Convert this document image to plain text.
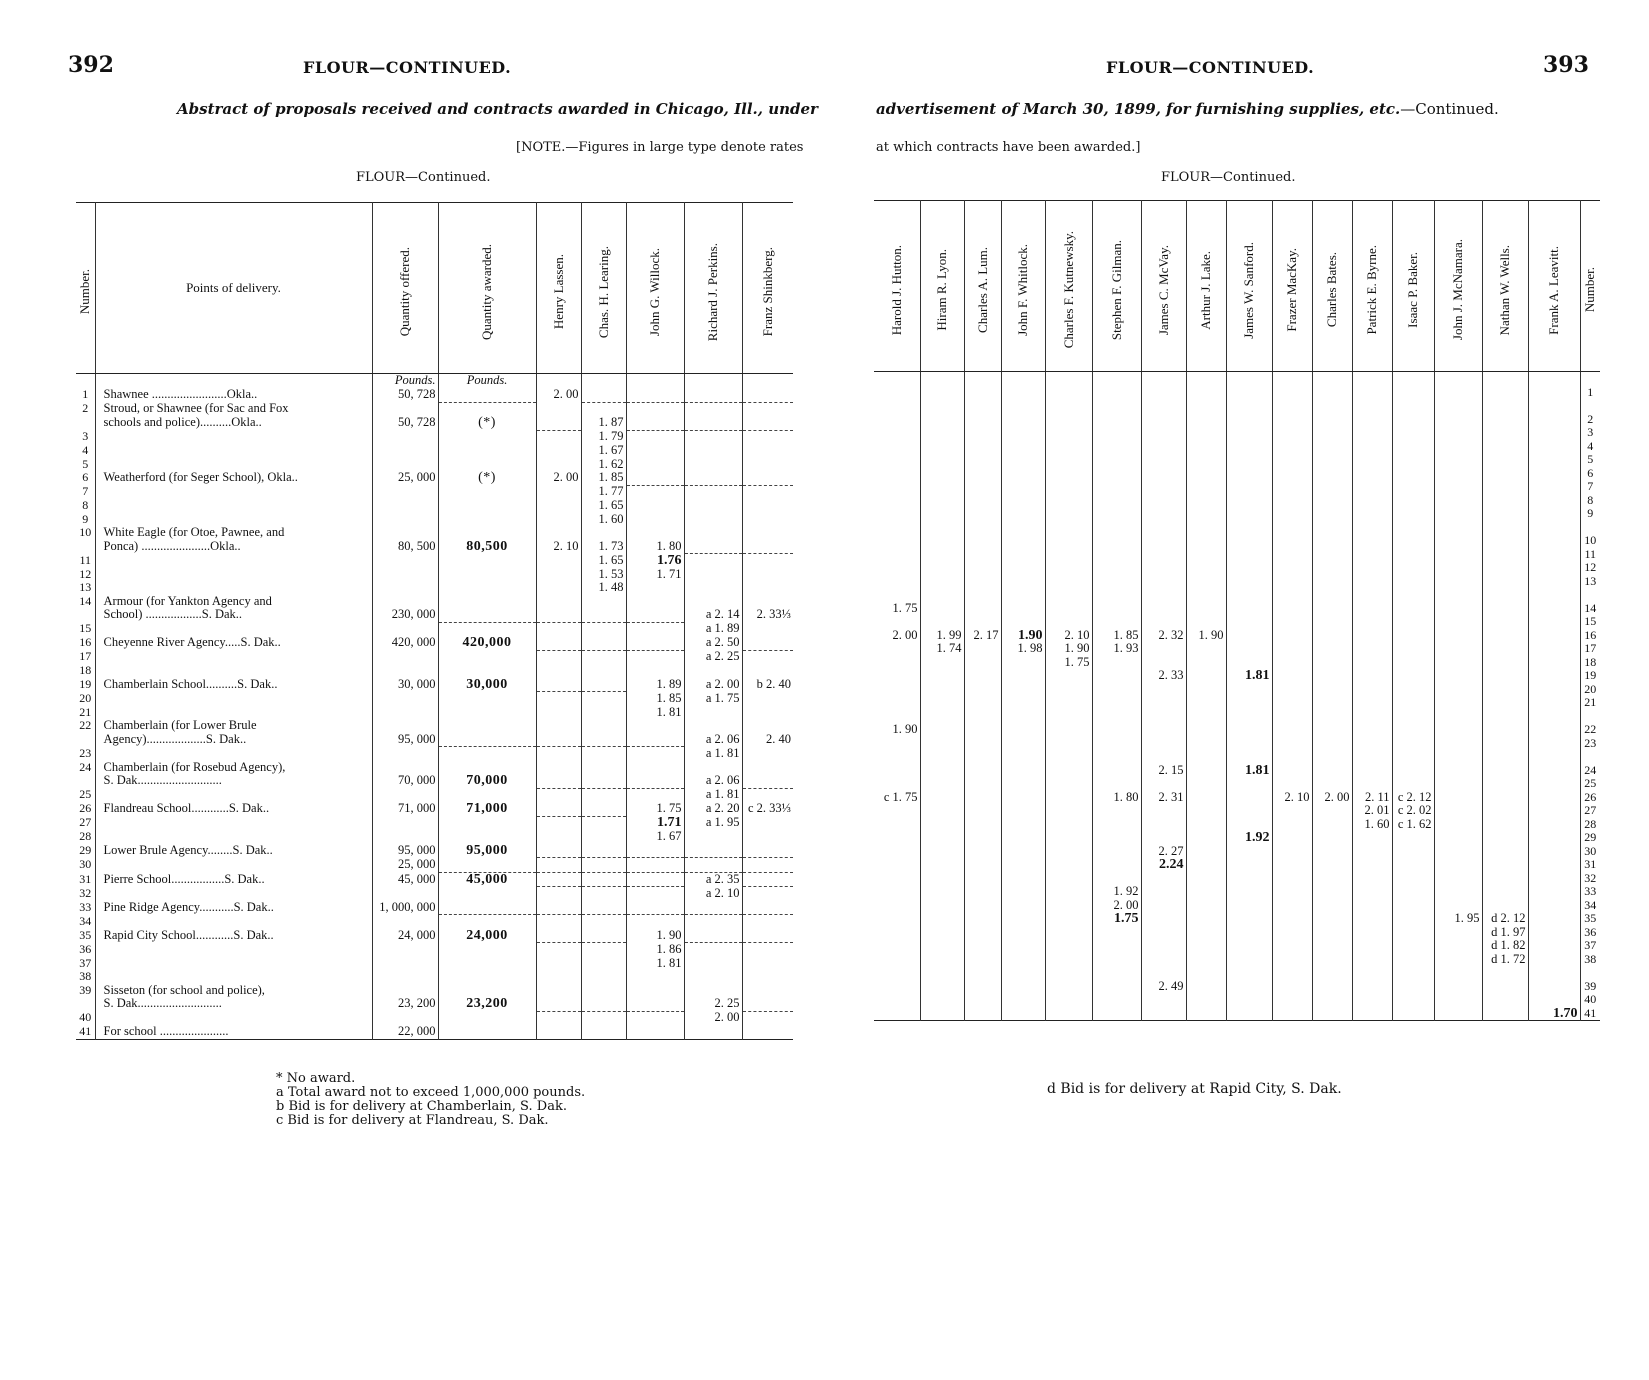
392	FLOUR—CONTINUED.
Abstract of proposals received and contracts awarded in Chicago, Ill., under
[NOTE.—Figures in large type denote rates
FLOUR—Continued.
Number.	Points of delivery.	Quantity offered.	Quantity awarded.	Henry Lassen.	Chas. H. Learing.	John G. Willock.	Richard J. Perkins.	Franz Shinkberg.
		Pounds.	Pounds.					
1	Shawnee ........................Okla..	50, 728		2. 00				
2	Stroud, or Shawnee (for Sac and Fox							
	schools and police)..........Okla..	50, 728	(*)		1. 87			
3					1. 79			
4					1. 67			
5					1. 62			
6	Weatherford (for Seger School), Okla..	25, 000	(*)	2. 00	1. 85			
7					1. 77			
8					1. 65			
9					1. 60			
10	White Eagle (for Otoe, Pawnee, and							
	Ponca) ......................Okla..	80, 500	80,500	2. 10	1. 73	1. 80		
11					1. 65	1.76		
12					1. 53	1. 71		
13					1. 48			
14	Armour (for Yankton Agency and							
	School) ..................S. Dak..	230, 000					a 2. 14	2. 33⅓
15							a 1. 89	
16	Cheyenne River Agency.....S. Dak..	420, 000	420,000				a 2. 50	
17							a 2. 25	
18								
19	Chamberlain School..........S. Dak..	30, 000	30,000			1. 89	a 2. 00	b 2. 40
20						1. 85	a 1. 75	
21						1. 81		
22	Chamberlain (for Lower Brule							
	Agency)...................S. Dak..	95, 000					a 2. 06	2. 40
23							a 1. 81	
24	Chamberlain (for Rosebud Agency),							
	S. Dak...........................	70, 000	70,000				a 2. 06	
25							a 1. 81	
26	Flandreau School............S. Dak..	71, 000	71,000			1. 75	a 2. 20	c 2. 33⅓
27						1.71	a 1. 95	
28						1. 67		
29	Lower Brule Agency........S. Dak..	95, 000	95,000					
30		25, 000						
31	Pierre School.................S. Dak..	45, 000	45,000				a 2. 35	
32							a 2. 10	
33	Pine Ridge Agency...........S. Dak..	1, 000, 000						
34								
35	Rapid City School............S. Dak..	24, 000	24,000			1. 90		
36						1. 86		
37						1. 81		
38								
39	Sisseton (for school and police),							
	S. Dak...........................	23, 200	23,200				2. 25	
40							2. 00	
41	For school ......................	22, 000						
* No award.
a Total award not to exceed 1,000,000 pounds.
b Bid is for delivery at Chamberlain, S. Dak.
c Bid is for delivery at Flandreau, S. Dak.
FLOUR—CONTINUED.	393
advertisement of March 30, 1899, for furnishing supplies, etc.—Continued.
at which contracts have been awarded.]
FLOUR—Continued.
Harold J. Hutton.	Hiram R. Lyon.	Charles A. Lum.	John F. Whitlock.	Charles F. Kutnewsky.	Stephen F. Gilman.	James C. McVay.	Arthur J. Lake.	James W. Sanford.	Frazer MacKay.	Charles Bates.	Patrick E. Byrne.	Isaac P. Baker.	John J. McNamara.	Nathan W. Wells.	Frank A. Leavitt.	Number.

																1

																2
																3
																4
																5
																6
																7
																8
																9

																10
																11
																12
																13

1. 75																14
																15
2. 00	1. 99	2. 17	1.90	2. 10	1. 85	2. 32	1. 90									16
	1. 74		1. 98	1. 90	1. 93											17
				1. 75												18
						2. 33		1.81								19
																20
																21

1. 90																22
																23

						2. 15		1.81								24
																25
c 1. 75					1. 80	2. 31			2. 10	2. 00	2. 11	c 2. 12				26
											2. 01	c 2. 02				27
											1. 60	c 1. 62				28
								1.92								29
						2. 27										30
						2.24										31
																32
					1. 92											33
					2. 00											34
					1.75								1. 95	d 2. 12		35
														d 1. 97		36
														d 1. 82		37
														d 1. 72		38

						2. 49										39
																40
															1.70	41
d Bid is for delivery at Rapid City, S. Dak.
